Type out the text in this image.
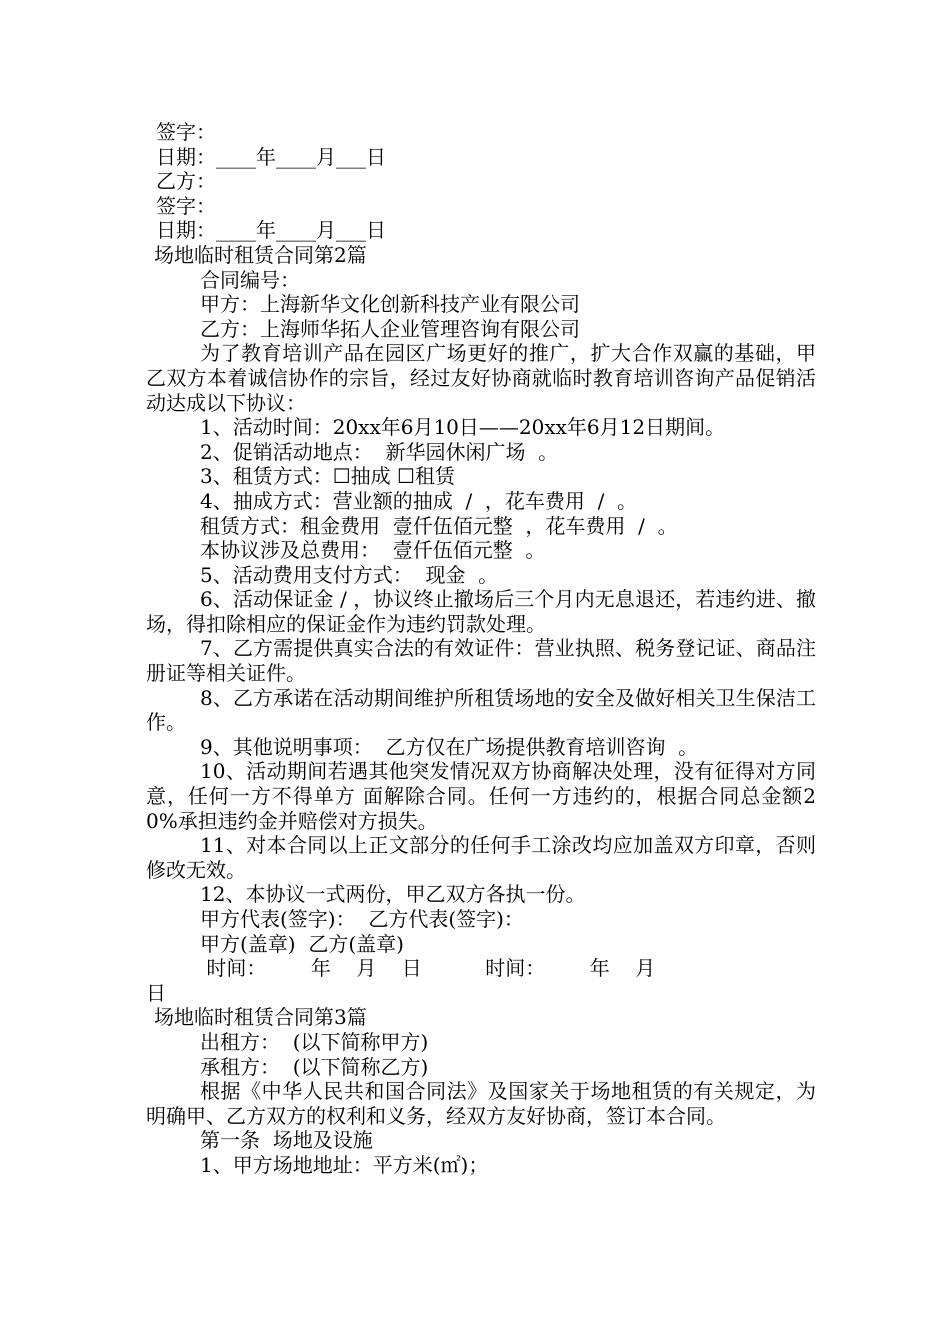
签字：
日期：____年____月___日
乙方：
签字：
日期：____年____月___日
场地临时租赁合同第2篇
合同编号：
甲方：上海新华文化创新科技产业有限公司
乙方：上海师华拓人企业管理咨询有限公司
为了教育培训产品在园区广场更好的推广，扩大合作双赢的基础，甲乙双方本着诚信协作的宗旨，经过友好协商就临时教育培训咨询产品促销活动达成以下协议：
1、活动时间：20xx年6月10日——20xx年6月12日期间。
2、促销活动地点：  新华园休闲广场  。
3、租赁方式：☐抽成 ☐租赁
4、抽成方式：营业额的抽成  /  ，花车费用  /  。
租赁方式：租金费用  壹仟伍佰元整  ，花车费用  /  。
本协议涉及总费用：  壹仟伍佰元整  。
5、活动费用支付方式：  现金  。
6、活动保证金 / ，协议终止撤场后三个月内无息退还，若违约进、撤场，得扣除相应的保证金作为违约罚款处理。
7、乙方需提供真实合法的有效证件：营业执照、税务登记证、商品注册证等相关证件。
8、乙方承诺在活动期间维护所租赁场地的安全及做好相关卫生保洁工作。
9、其他说明事项：  乙方仅在广场提供教育培训咨询  。
10、活动期间若遇其他突发情况双方协商解决处理，没有征得对方同意，任何一方不得单方 面解除合同。任何一方违约的，根据合同总金额20%承担违约金并赔偿对方损失。
11、对本合同以上正文部分的任何手工涂改均应加盖双方印章，否则修改无效。
12、本协议一式两份，甲乙双方各执一份。
甲方代表(签字)：  乙方代表(签字)：
甲方(盖章)  乙方(盖章)
时间：       年    月    日          时间：       年    月
日
场地临时租赁合同第3篇
出租方：  (以下简称甲方)
承租方：  (以下简称乙方)
根据《中华人民共和国合同法》及国家关于场地租赁的有关规定，为明确甲、乙方双方的权利和义务，经双方友好协商，签订本合同。
第一条  场地及设施
1、甲方场地地址：平方米(㎡)；
